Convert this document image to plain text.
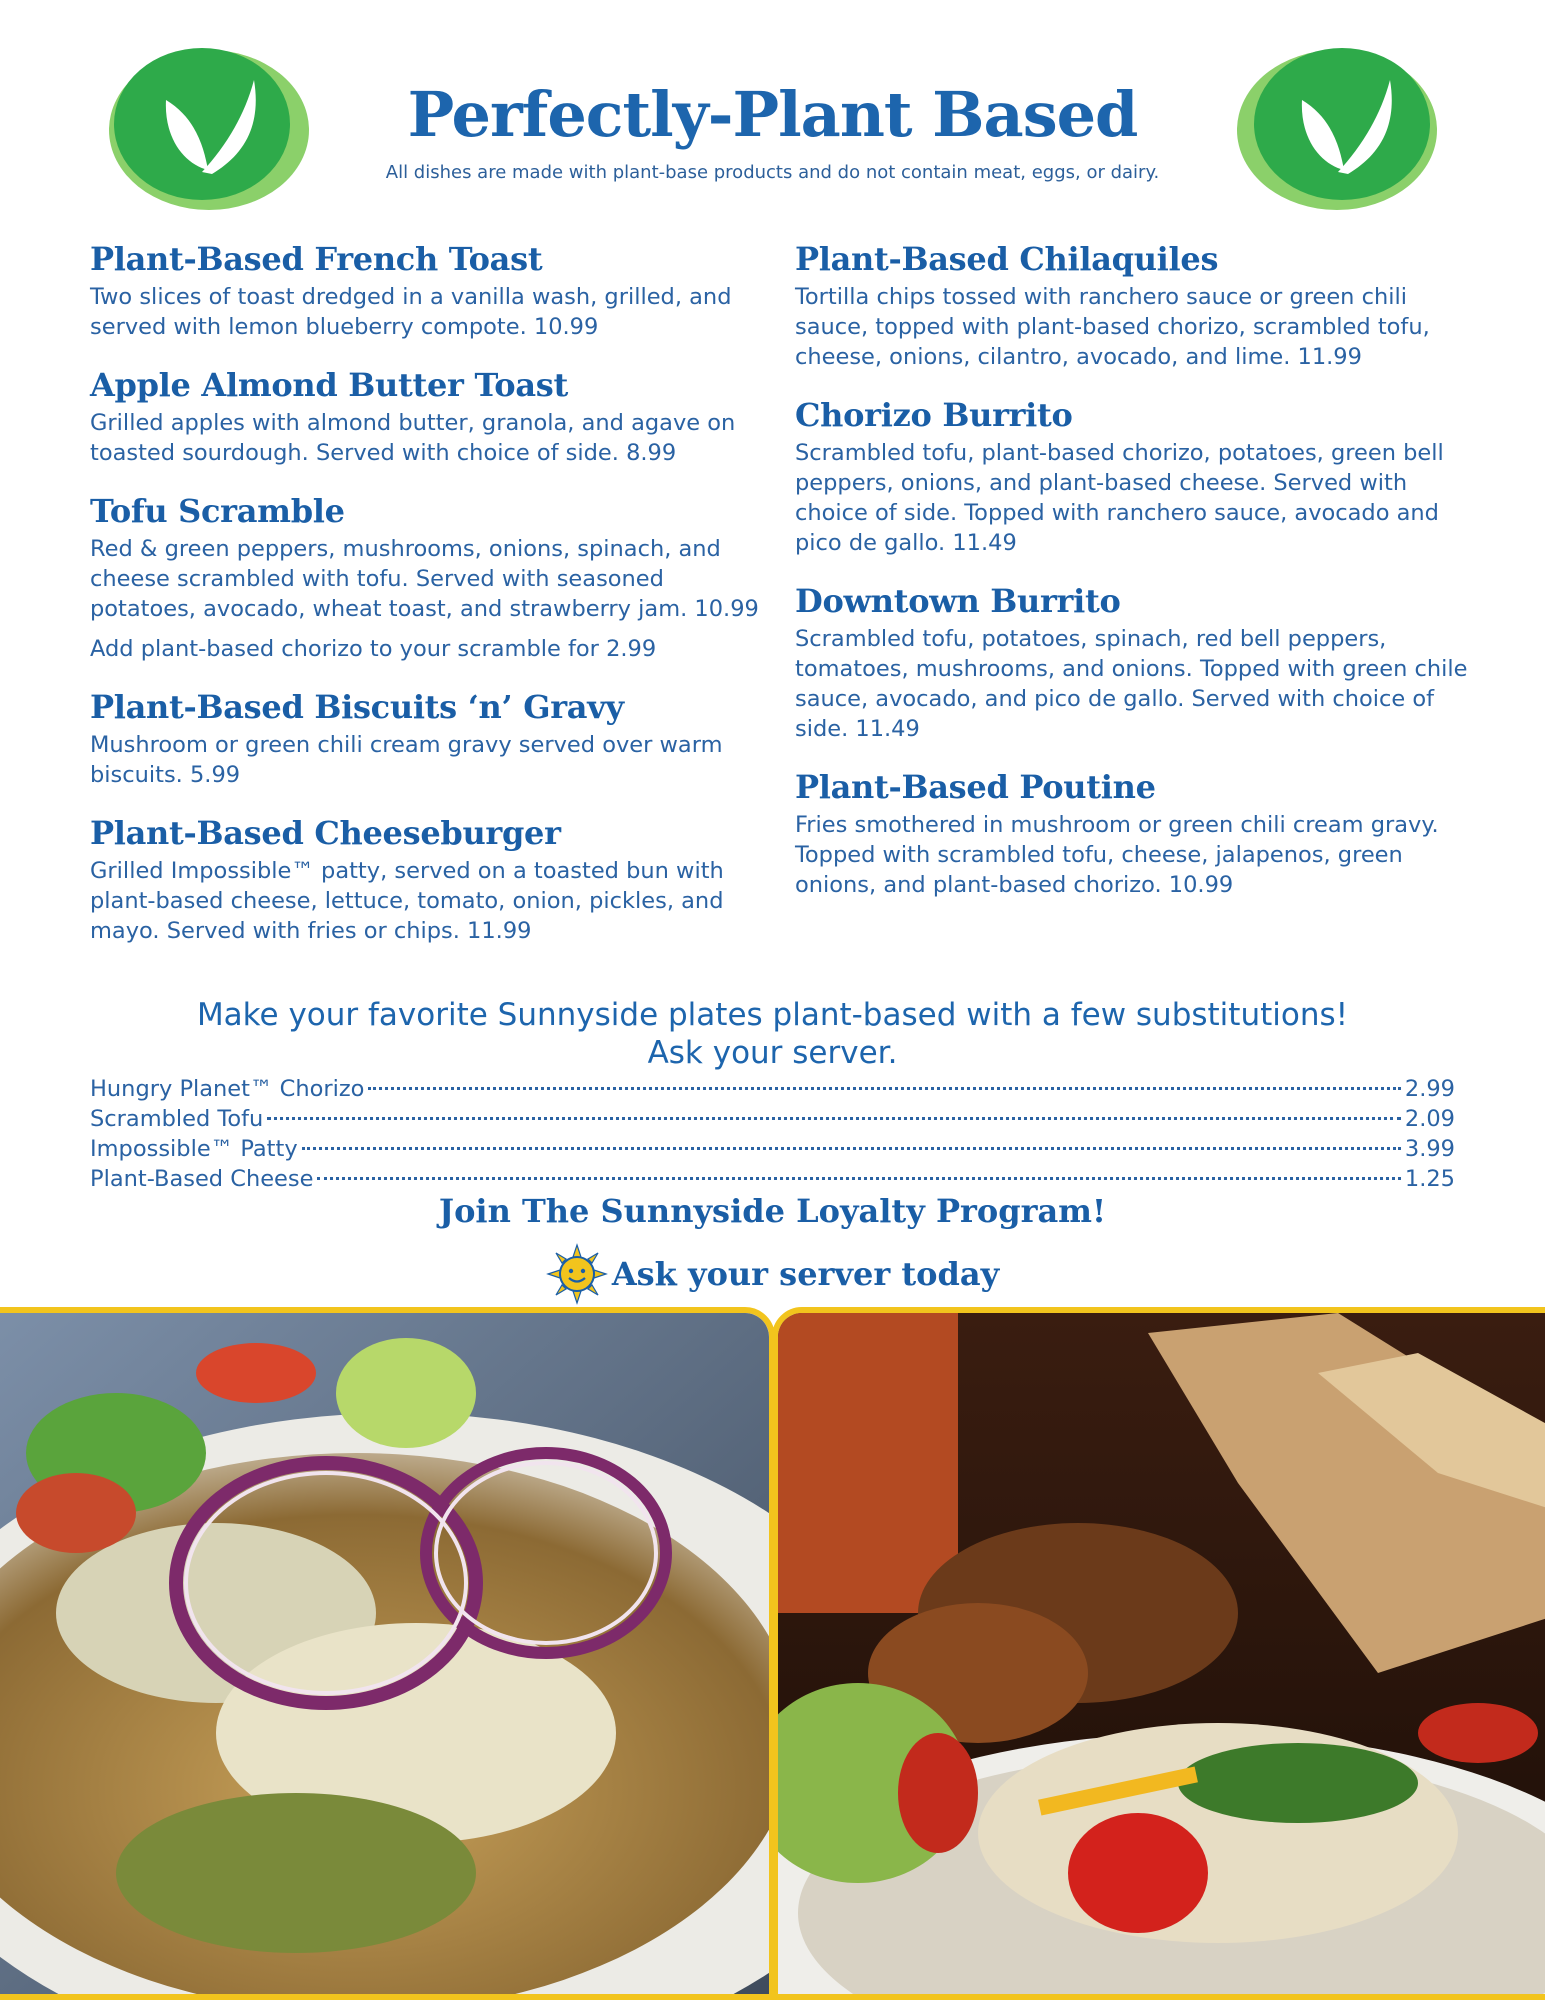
Perfectly-Plant Based

All dishes are made with plant-base products and do not contain meat, eggs, or dairy.

Plant-Based French Toast
Two slices of toast dredged in a vanilla wash, grilled, and served with lemon blueberry compote. 10.99
Apple Almond Butter Toast
Grilled apples with almond butter, granola, and agave on toasted sourdough. Served with choice of side. 8.99
Tofu Scramble
Red & green peppers, mushrooms, onions, spinach, and cheese scrambled with tofu. Served with seasoned potatoes, avocado, wheat toast, and strawberry jam. 10.99
Add plant-based chorizo to your scramble for 2.99
Plant-Based Biscuits ‘n’ Gravy
Mushroom or green chili cream gravy served over warm biscuits. 5.99
Plant-Based Cheeseburger
Grilled Impossible™ patty, served on a toasted bun with plant-based cheese, lettuce, tomato, onion, pickles, and mayo. Served with fries or chips. 11.99
Plant-Based Chilaquiles
Tortilla chips tossed with ranchero sauce or green chili sauce, topped with plant-based chorizo, scrambled tofu, cheese, onions, cilantro, avocado, and lime. 11.99
Chorizo Burrito
Scrambled tofu, plant-based chorizo, potatoes, green bell peppers, onions, and plant-based cheese. Served with choice of side. Topped with ranchero sauce, avocado and pico de gallo. 11.49
Downtown Burrito
Scrambled tofu, potatoes, spinach, red bell peppers, tomatoes, mushrooms, and onions. Topped with green chile sauce, avocado, and pico de gallo. Served with choice of side. 11.49
Plant-Based Poutine
Fries smothered in mushroom or green chili cream gravy. Topped with scrambled tofu, cheese, jalapenos, green onions, and plant-based chorizo. 10.99
Make your favorite Sunnyside plates plant-based with a few substitutions!
Ask your server.
Hungry Planet™ Chorizo	2.99
Scrambled Tofu	2.09
Impossible™ Patty	3.99
Plant-Based Cheese	1.25
Join The Sunnyside Loyalty Program!
Ask your server today
